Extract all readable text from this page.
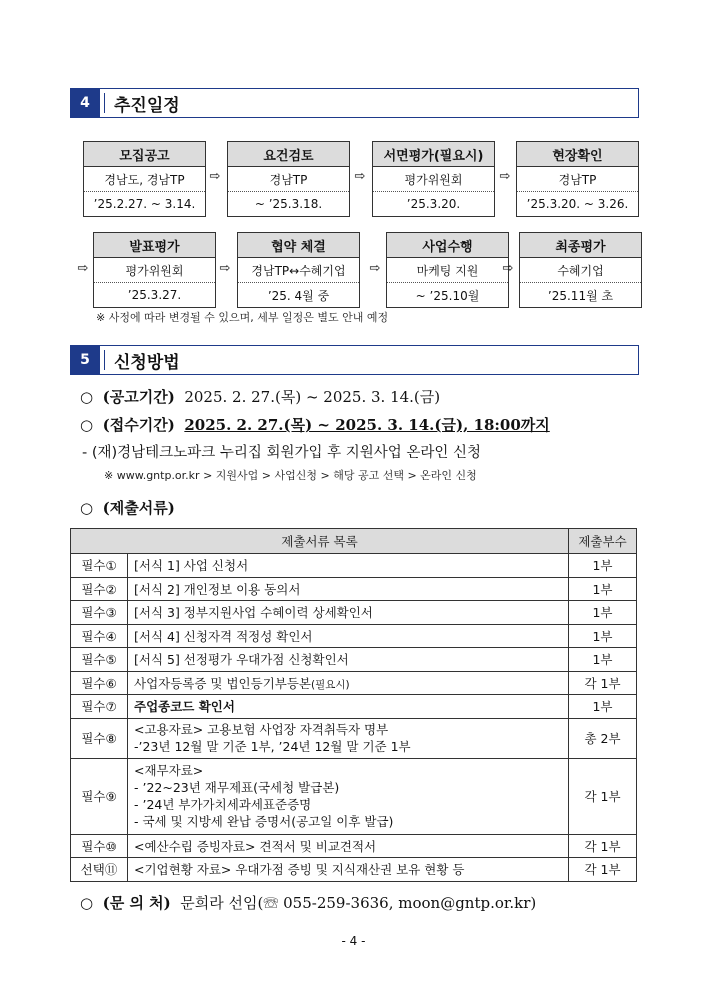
4	추진일정
모집공고
경남도, 경남TP
’25.2.27. ~ 3.14.
⇨
요건검토
경남TP
~ ’25.3.18.
⇨
서면평가(필요시)
평가위원회
’25.3.20.
⇨
현장확인
경남TP
’25.3.20. ~ 3.26.
⇨
발표평가
평가위원회
’25.3.27.
⇨
협약 체결
경남TP↔수혜기업
’25. 4월 중
⇨
사업수행
마케팅 지원
~ ’25.10월
⇨
최종평가
수혜기업
’25.11월 초
※ 사정에 따라 변경될 수 있으며, 세부 일정은 별도 안내 예정
5	신청방법
○ (공고기간) 2025. 2. 27.(목) ~ 2025. 3. 14.(금)
○ (접수기간) 2025. 2. 27.(목) ~ 2025. 3. 14.(금), 18:00까지
- (재)경남테크노파크 누리집 회원가입 후 지원사업 온라인 신청
※ www.gntp.or.kr > 지원사업 > 사업신청 > 해당 공고 선택 > 온라인 신청
○ (제출서류)
제출서류 목록		제출부수
필수①	[서식 1] 사업 신청서	1부
필수②	[서식 2] 개인정보 이용 동의서	1부
필수③	[서식 3] 정부지원사업 수혜이력 상세확인서	1부
필수④	[서식 4] 신청자격 적정성 확인서	1부
필수⑤	[서식 5] 선정평가 우대가점 신청확인서	1부
필수⑥	사업자등록증 및 법인등기부등본(필요시)	각 1부
필수⑦	주업종코드 확인서	1부
필수⑧	<고용자료> 고용보험 사업장 자격취득자 명부
-’23년 12월 말 기준 1부, ’24년 12월 말 기준 1부	총 2부
필수⑨	<재무자료>
- ’22~23년 재무제표(국세청 발급본)
- ’24년 부가가치세과세표준증명
- 국세 및 지방세 완납 증명서(공고일 이후 발급)	각 1부
필수⑩	<예산수립 증빙자료> 견적서 및 비교견적서	각 1부
선택⑪	<기업현황 자료> 우대가점 증빙 및 지식재산권 보유 현황 등	각 1부
○ (문 의 처) 문희라 선임(☏ 055-259-3636, moon@gntp.or.kr)
- 4 -
